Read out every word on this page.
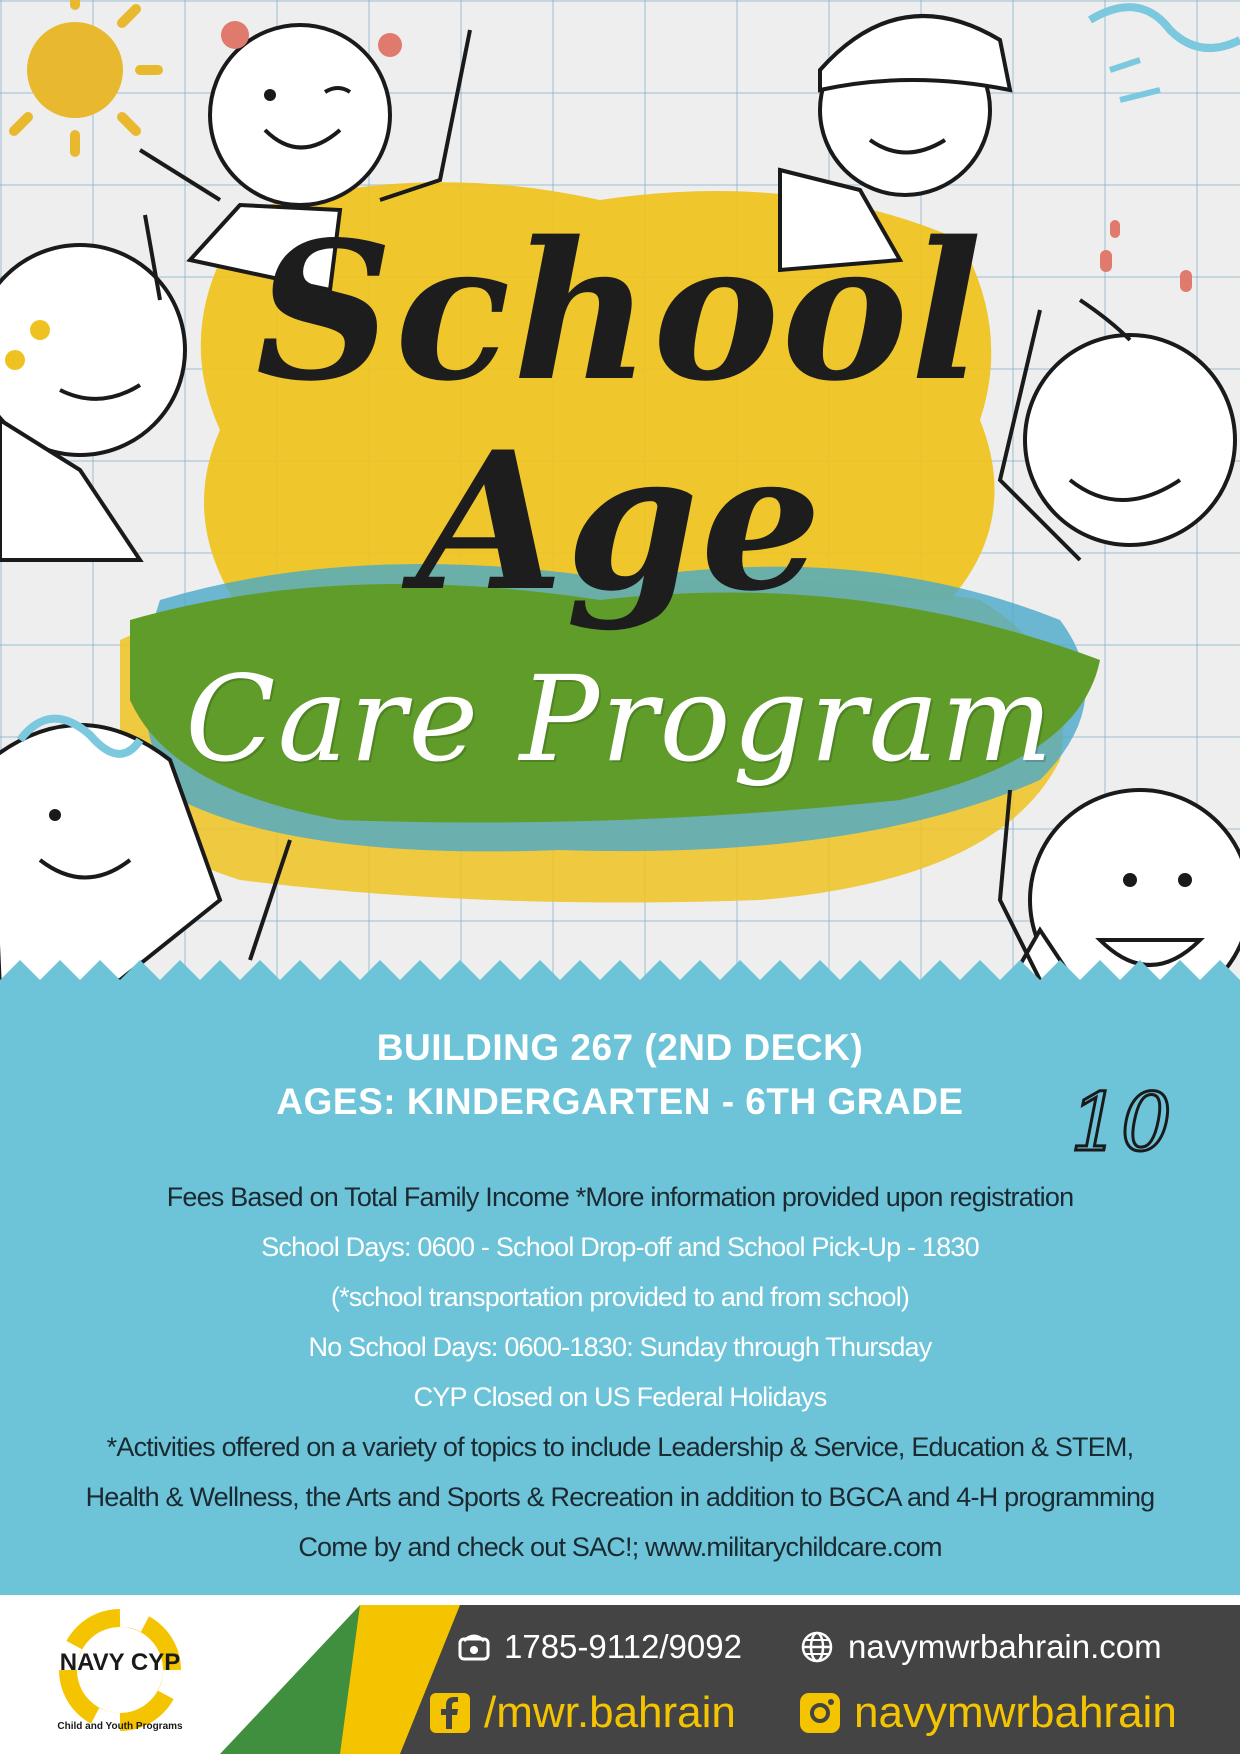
School
Age
Care Program
10
BUILDING 267 (2ND DECK)
AGES: KINDERGARTEN - 6TH GRADE
Fees Based on Total Family Income *More information provided upon registration
School Days: 0600 - School Drop-off and School Pick-Up - 1830
(*school transportation provided to and from school)
No School Days: 0600-1830: Sunday through Thursday
CYP Closed on US Federal Holidays
*Activities offered on a variety of topics to include Leadership & Service, Education & STEM,
Health & Wellness, the Arts and Sports & Recreation in addition to BGCA and 4-H programming
Come by and check out SAC!; www.militarychildcare.com
NAVY CYP
Child and Youth Programs
1785-9112/9092	navymwrbahrain.com
/mwr.bahrain	navymwrbahrain
